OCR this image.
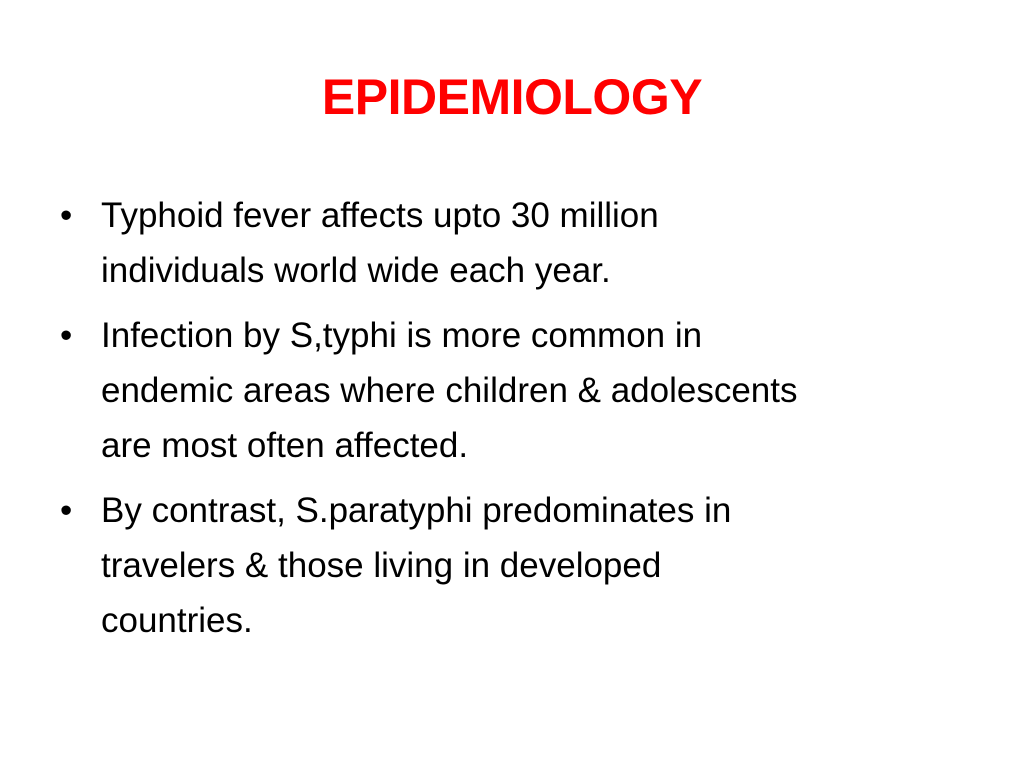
EPIDEMIOLOGY
• Typhoid fever affects upto 30 million
individuals world wide each year.
• Infection by S,typhi is more common in
endemic areas where children & adolescents
are most often affected.
• By contrast, S.paratyphi predominates in
travelers & those living in developed
countries.
